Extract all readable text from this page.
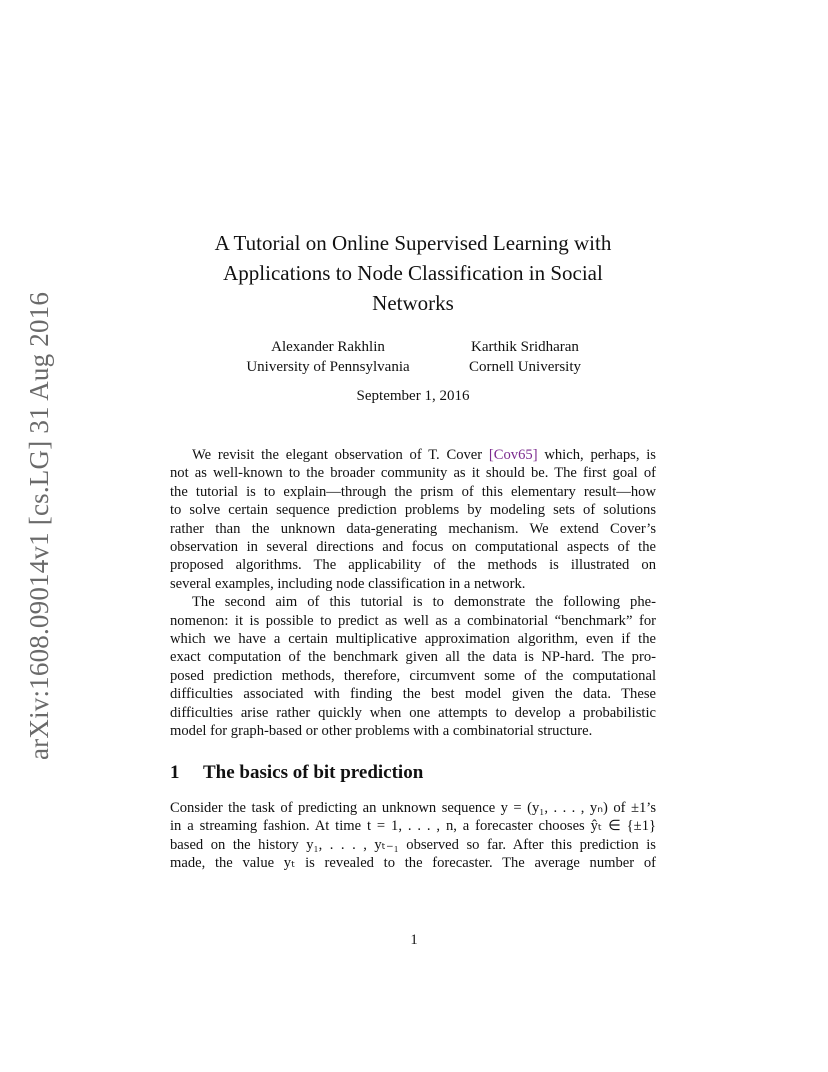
arXiv:1608.09014v1 [cs.LG] 31 Aug 2016
A Tutorial on Online Supervised Learning with
Applications to Node Classification in Social
Networks
Alexander Rakhlin
University of Pennsylvania
Karthik Sridharan
Cornell University
September 1, 2016
We revisit the elegant observation of T. Cover [Cov65] which, perhaps, is
not as well-known to the broader community as it should be. The first goal of
the tutorial is to explain—through the prism of this elementary result—how
to solve certain sequence prediction problems by modeling sets of solutions
rather than the unknown data-generating mechanism. We extend Cover’s
observation in several directions and focus on computational aspects of the
proposed algorithms. The applicability of the methods is illustrated on
several examples, including node classification in a network.
The second aim of this tutorial is to demonstrate the following phe-
nomenon: it is possible to predict as well as a combinatorial “benchmark” for
which we have a certain multiplicative approximation algorithm, even if the
exact computation of the benchmark given all the data is NP-hard. The pro-
posed prediction methods, therefore, circumvent some of the computational
difficulties associated with finding the best model given the data. These
difficulties arise rather quickly when one attempts to develop a probabilistic
model for graph-based or other problems with a combinatorial structure.
1 The basics of bit prediction
Consider the task of predicting an unknown sequence y = (y₁, . . . , yₙ) of ±1’s
in a streaming fashion. At time t = 1, . . . , n, a forecaster chooses ŷₜ ∈ {±1}
based on the history y₁, . . . , yₜ₋₁ observed so far. After this prediction is
made, the value yₜ is revealed to the forecaster. The average number of
1
